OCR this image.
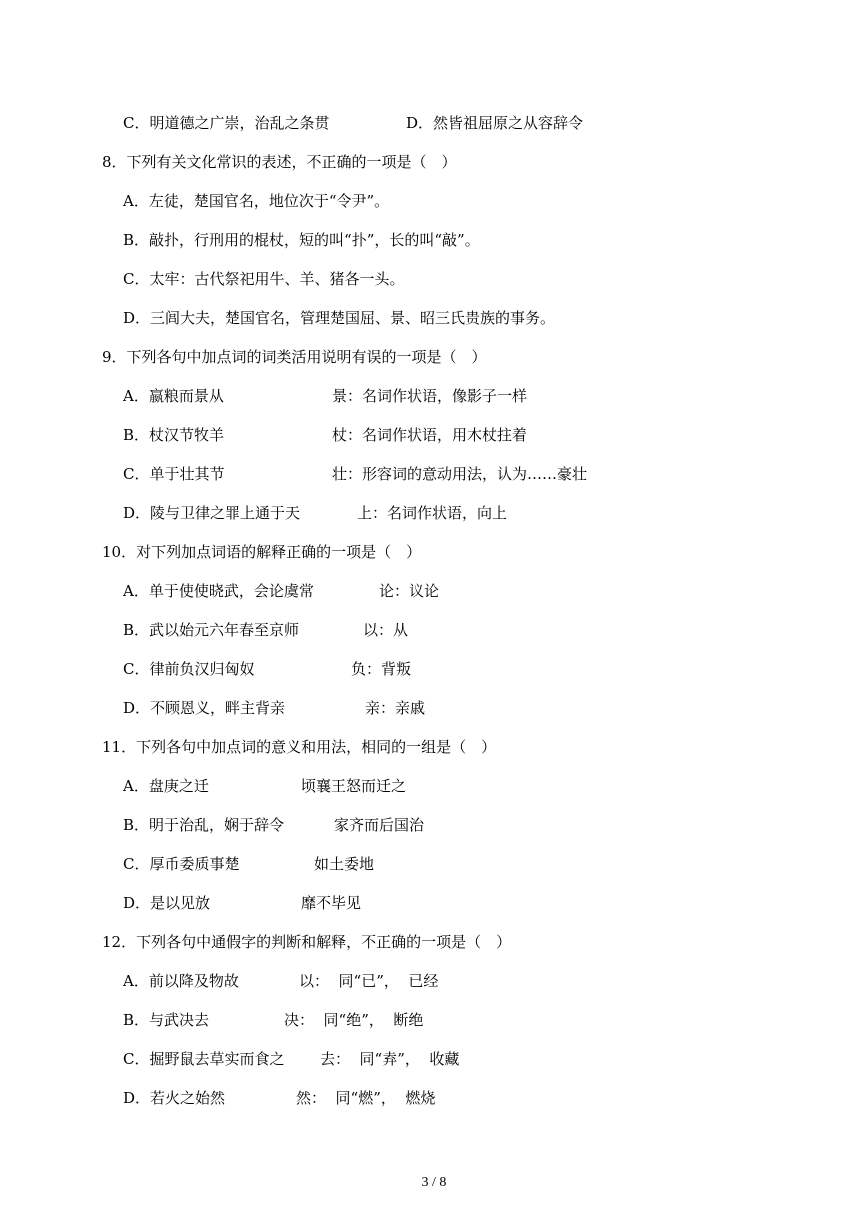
C．明道德之广崇，治乱之条贯	D．然皆祖屈原之从容辞令
8．下列有关文化常识的表述，不正确的一项是（　）
A．左徒，楚国官名，地位次于“令尹”。
B．敲扑，行刑用的棍杖，短的叫“扑”，长的叫“敲”。
C．太牢：古代祭祀用牛、羊、猪各一头。
D．三闾大夫，楚国官名，管理楚国屈、景、昭三氏贵族的事务。
9．下列各句中加点词的词类活用说明有误的一项是（　）
A．嬴粮而景从	景：名词作状语，像影子一样
B．杖汉节牧羊	杖：名词作状语，用木杖拄着
C．单于壮其节	壮：形容词的意动用法，认为……豪壮
D．陵与卫律之罪上通于天	上：名词作状语，向上
10．对下列加点词语的解释正确的一项是（　）
A．单于使使晓武，会论虞常	论：议论
B．武以始元六年春至京师	以：从
C．律前负汉归匈奴	负：背叛
D．不顾恩义，畔主背亲	亲：亲戚
11．下列各句中加点词的意义和用法，相同的一组是（　）
A．盘庚之迁	顷襄王怒而迁之
B．明于治乱，娴于辞令	家齐而后国治
C．厚币委质事楚	如土委地
D．是以见放	靡不毕见
12．下列各句中通假字的判断和解释，不正确的一项是（　）
A．前以降及物故	以：  同“已”，  已经
B．与武决去	决：  同“绝”，  断绝
C．掘野鼠去草实而食之 去：  同“弆”，  收藏
D．若火之始然	然：  同“燃”，  燃烧
3 / 8
